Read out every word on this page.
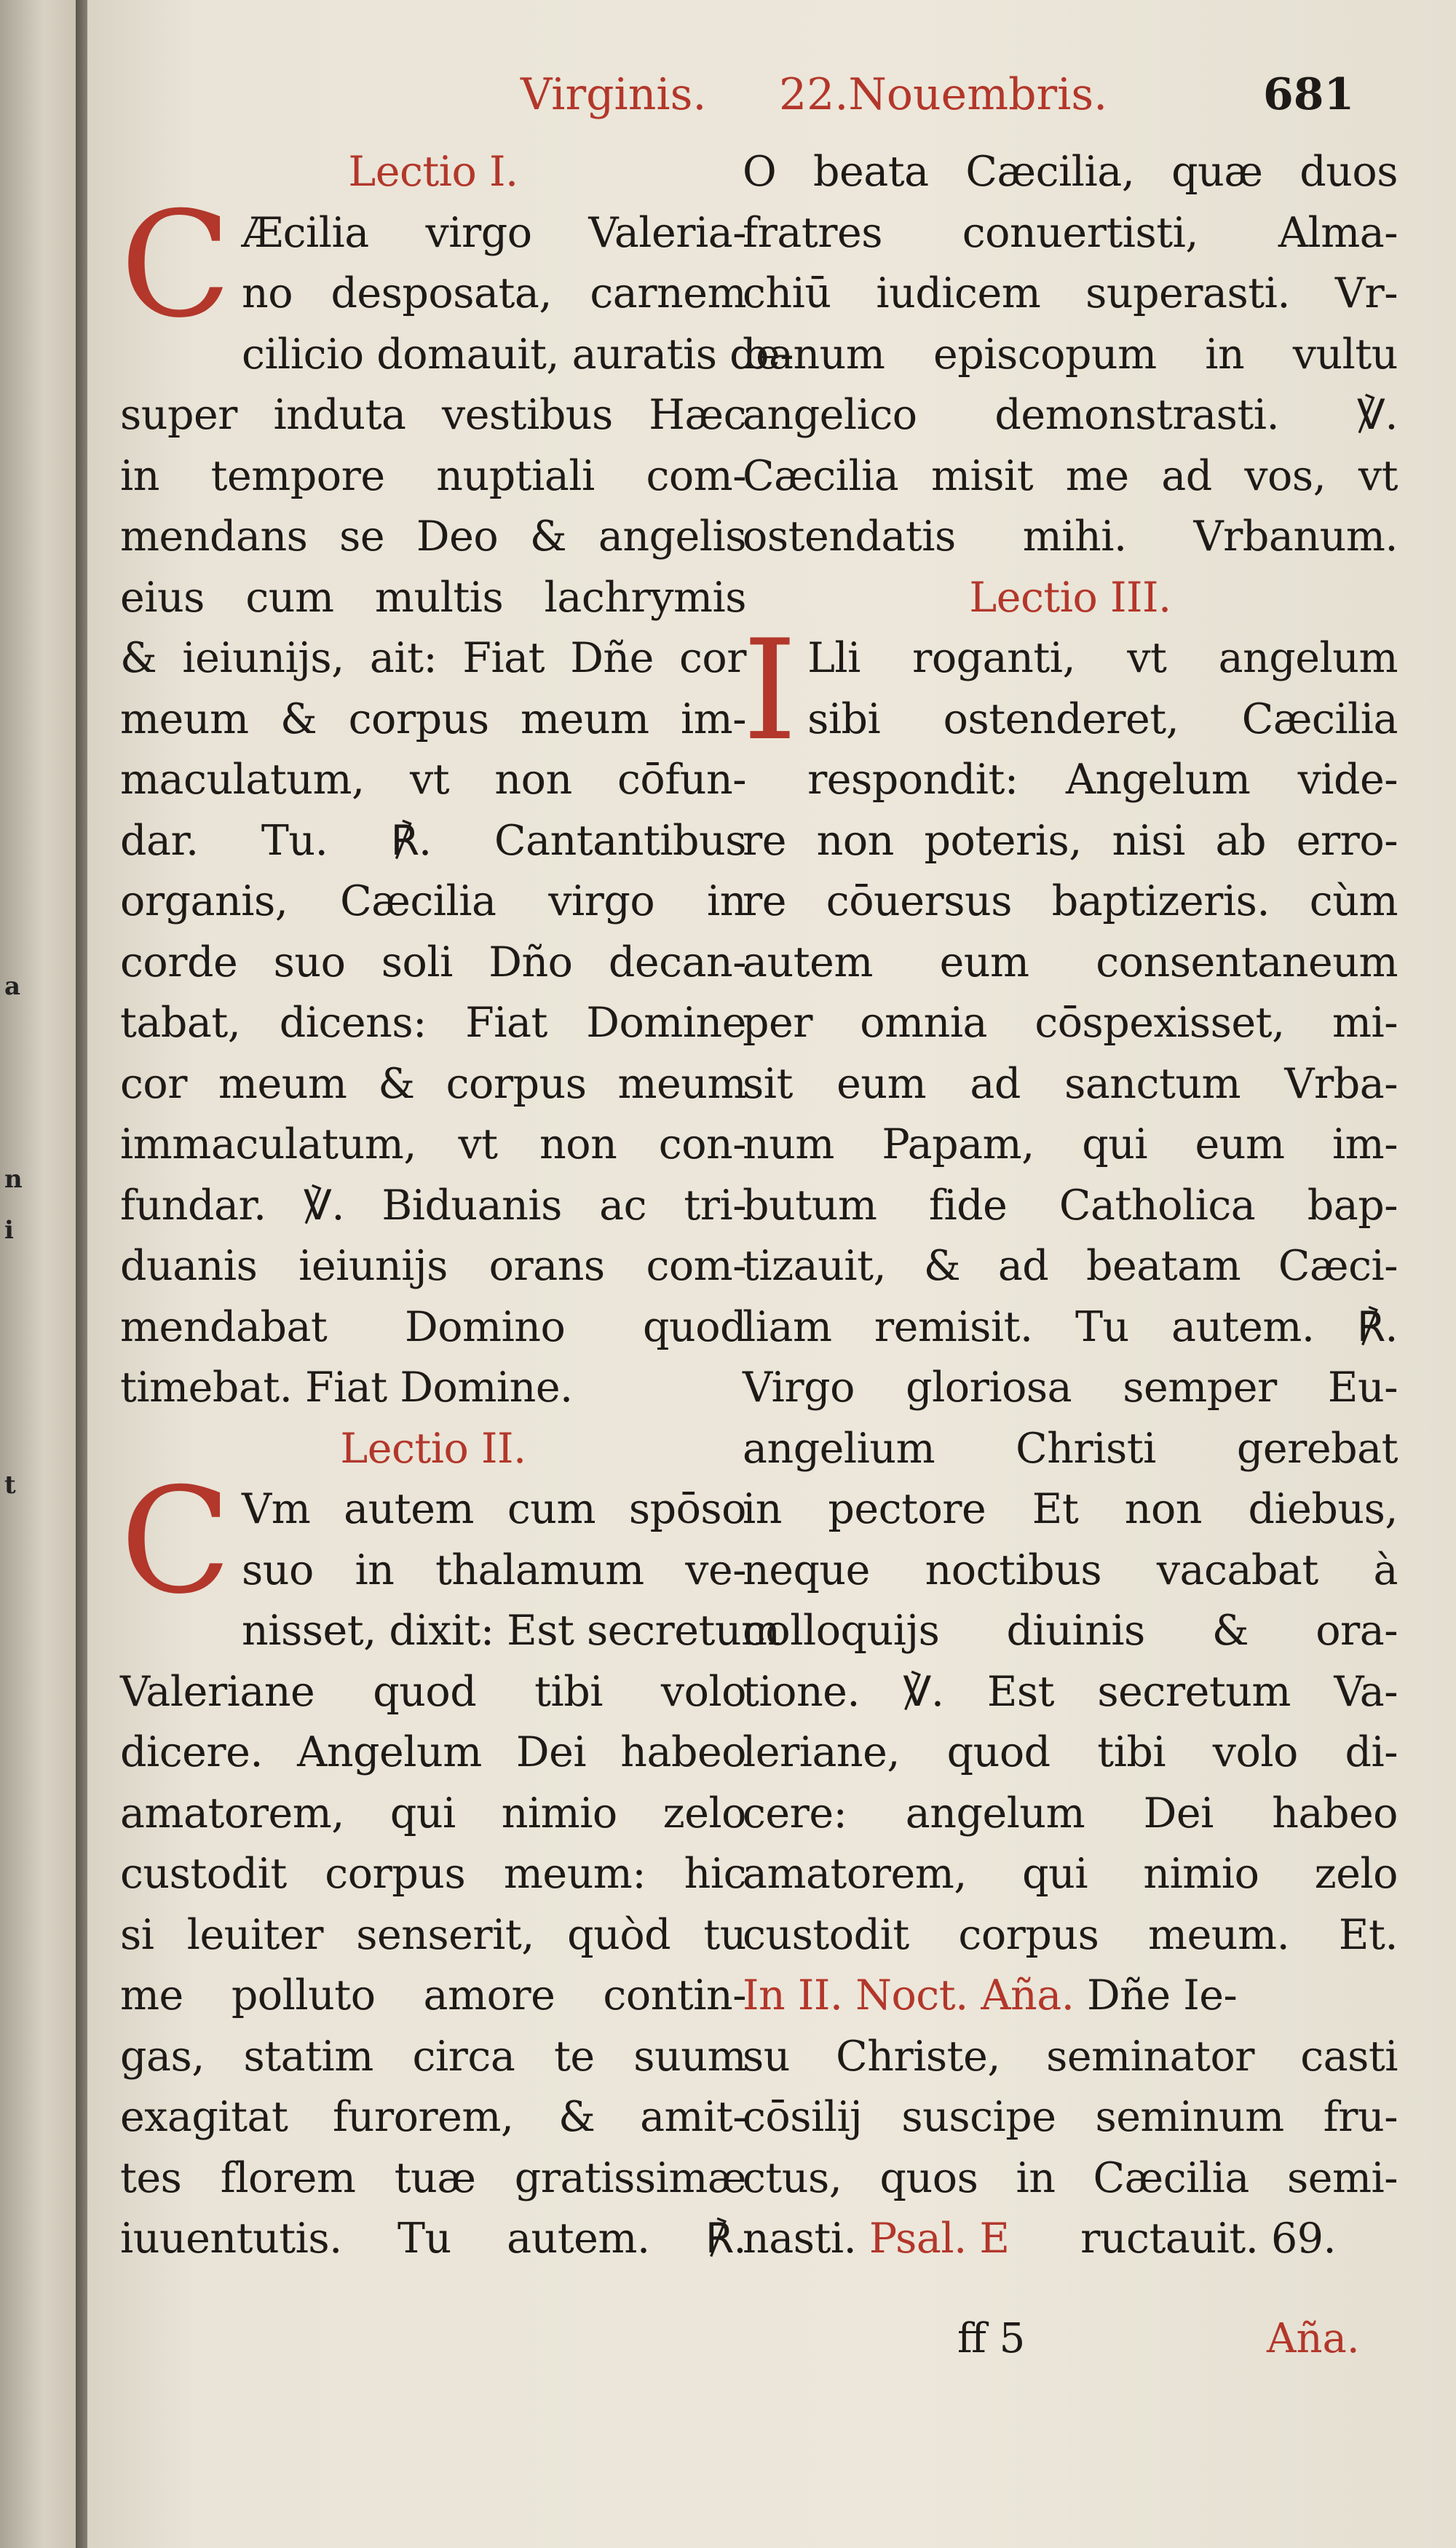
a
n
i
t
Virginis. 22.Nouembris.	681
Lectio I.
C Æcilia virgo Valeria-
no desposata, carnem
cilicio domauit, auratis de-
super induta vestibus Hæc
in tempore nuptiali com-
mendans se Deo & angelis
eius cum multis lachrymis
& ieiunijs, ait: Fiat Dñe cor
meum & corpus meum im-
maculatum, vt non cōfun-
dar. Tu. ℟. Cantantibus
organis, Cæcilia virgo in
corde suo soli Dño decan-
tabat, dicens: Fiat Domine
cor meum & corpus meum
immaculatum, vt non con-
fundar. ℣. Biduanis ac tri-
duanis ieiunijs orans com-
mendabat Domino quod
timebat. Fiat Domine.
Lectio II.
C Vm autem cum spōso
suo in thalamum ve-
nisset, dixit: Est secretum
Valeriane quod tibi volo
dicere. Angelum Dei habeo
amatorem, qui nimio zelo
custodit corpus meum: hic
si leuiter senserit, quòd tu
me polluto amore contin-
gas, statim circa te suum
exagitat furorem, & amit-
tes florem tuæ gratissimæ
iuuentutis. Tu autem. ℟.
O beata Cæcilia, quæ duos
fratres conuertisti, Alma-
chiū iudicem superasti. Vr-
banum episcopum in vultu
angelico demonstrasti. ℣.
Cæcilia misit me ad vos, vt
ostendatis mihi. Vrbanum.
Lectio III.
I Lli roganti, vt angelum
sibi ostenderet, Cæcilia
respondit: Angelum vide-
re non poteris, nisi ab erro-
re cōuersus baptizeris. cùm
autem eum consentaneum
per omnia cōspexisset, mi-
sit eum ad sanctum Vrba-
num Papam, qui eum im-
butum fide Catholica bap-
tizauit, & ad beatam Cæci-
liam remisit. Tu autem. ℟.
Virgo gloriosa semper Eu-
angelium Christi gerebat
in pectore Et non diebus,
neque noctibus vacabat à
colloquijs diuinis & ora-
tione. ℣. Est secretum Va-
leriane, quod tibi volo di-
cere: angelum Dei habeo
amatorem, qui nimio zelo
custodit corpus meum. Et.
In II. Noct. Aña. Dñe Ie-
su Christe, seminator casti
cōsilij suscipe seminum fru-
ctus, quos in Cæcilia semi-
nasti. Psal. E ructauit. 69.
ff 5	Aña.
